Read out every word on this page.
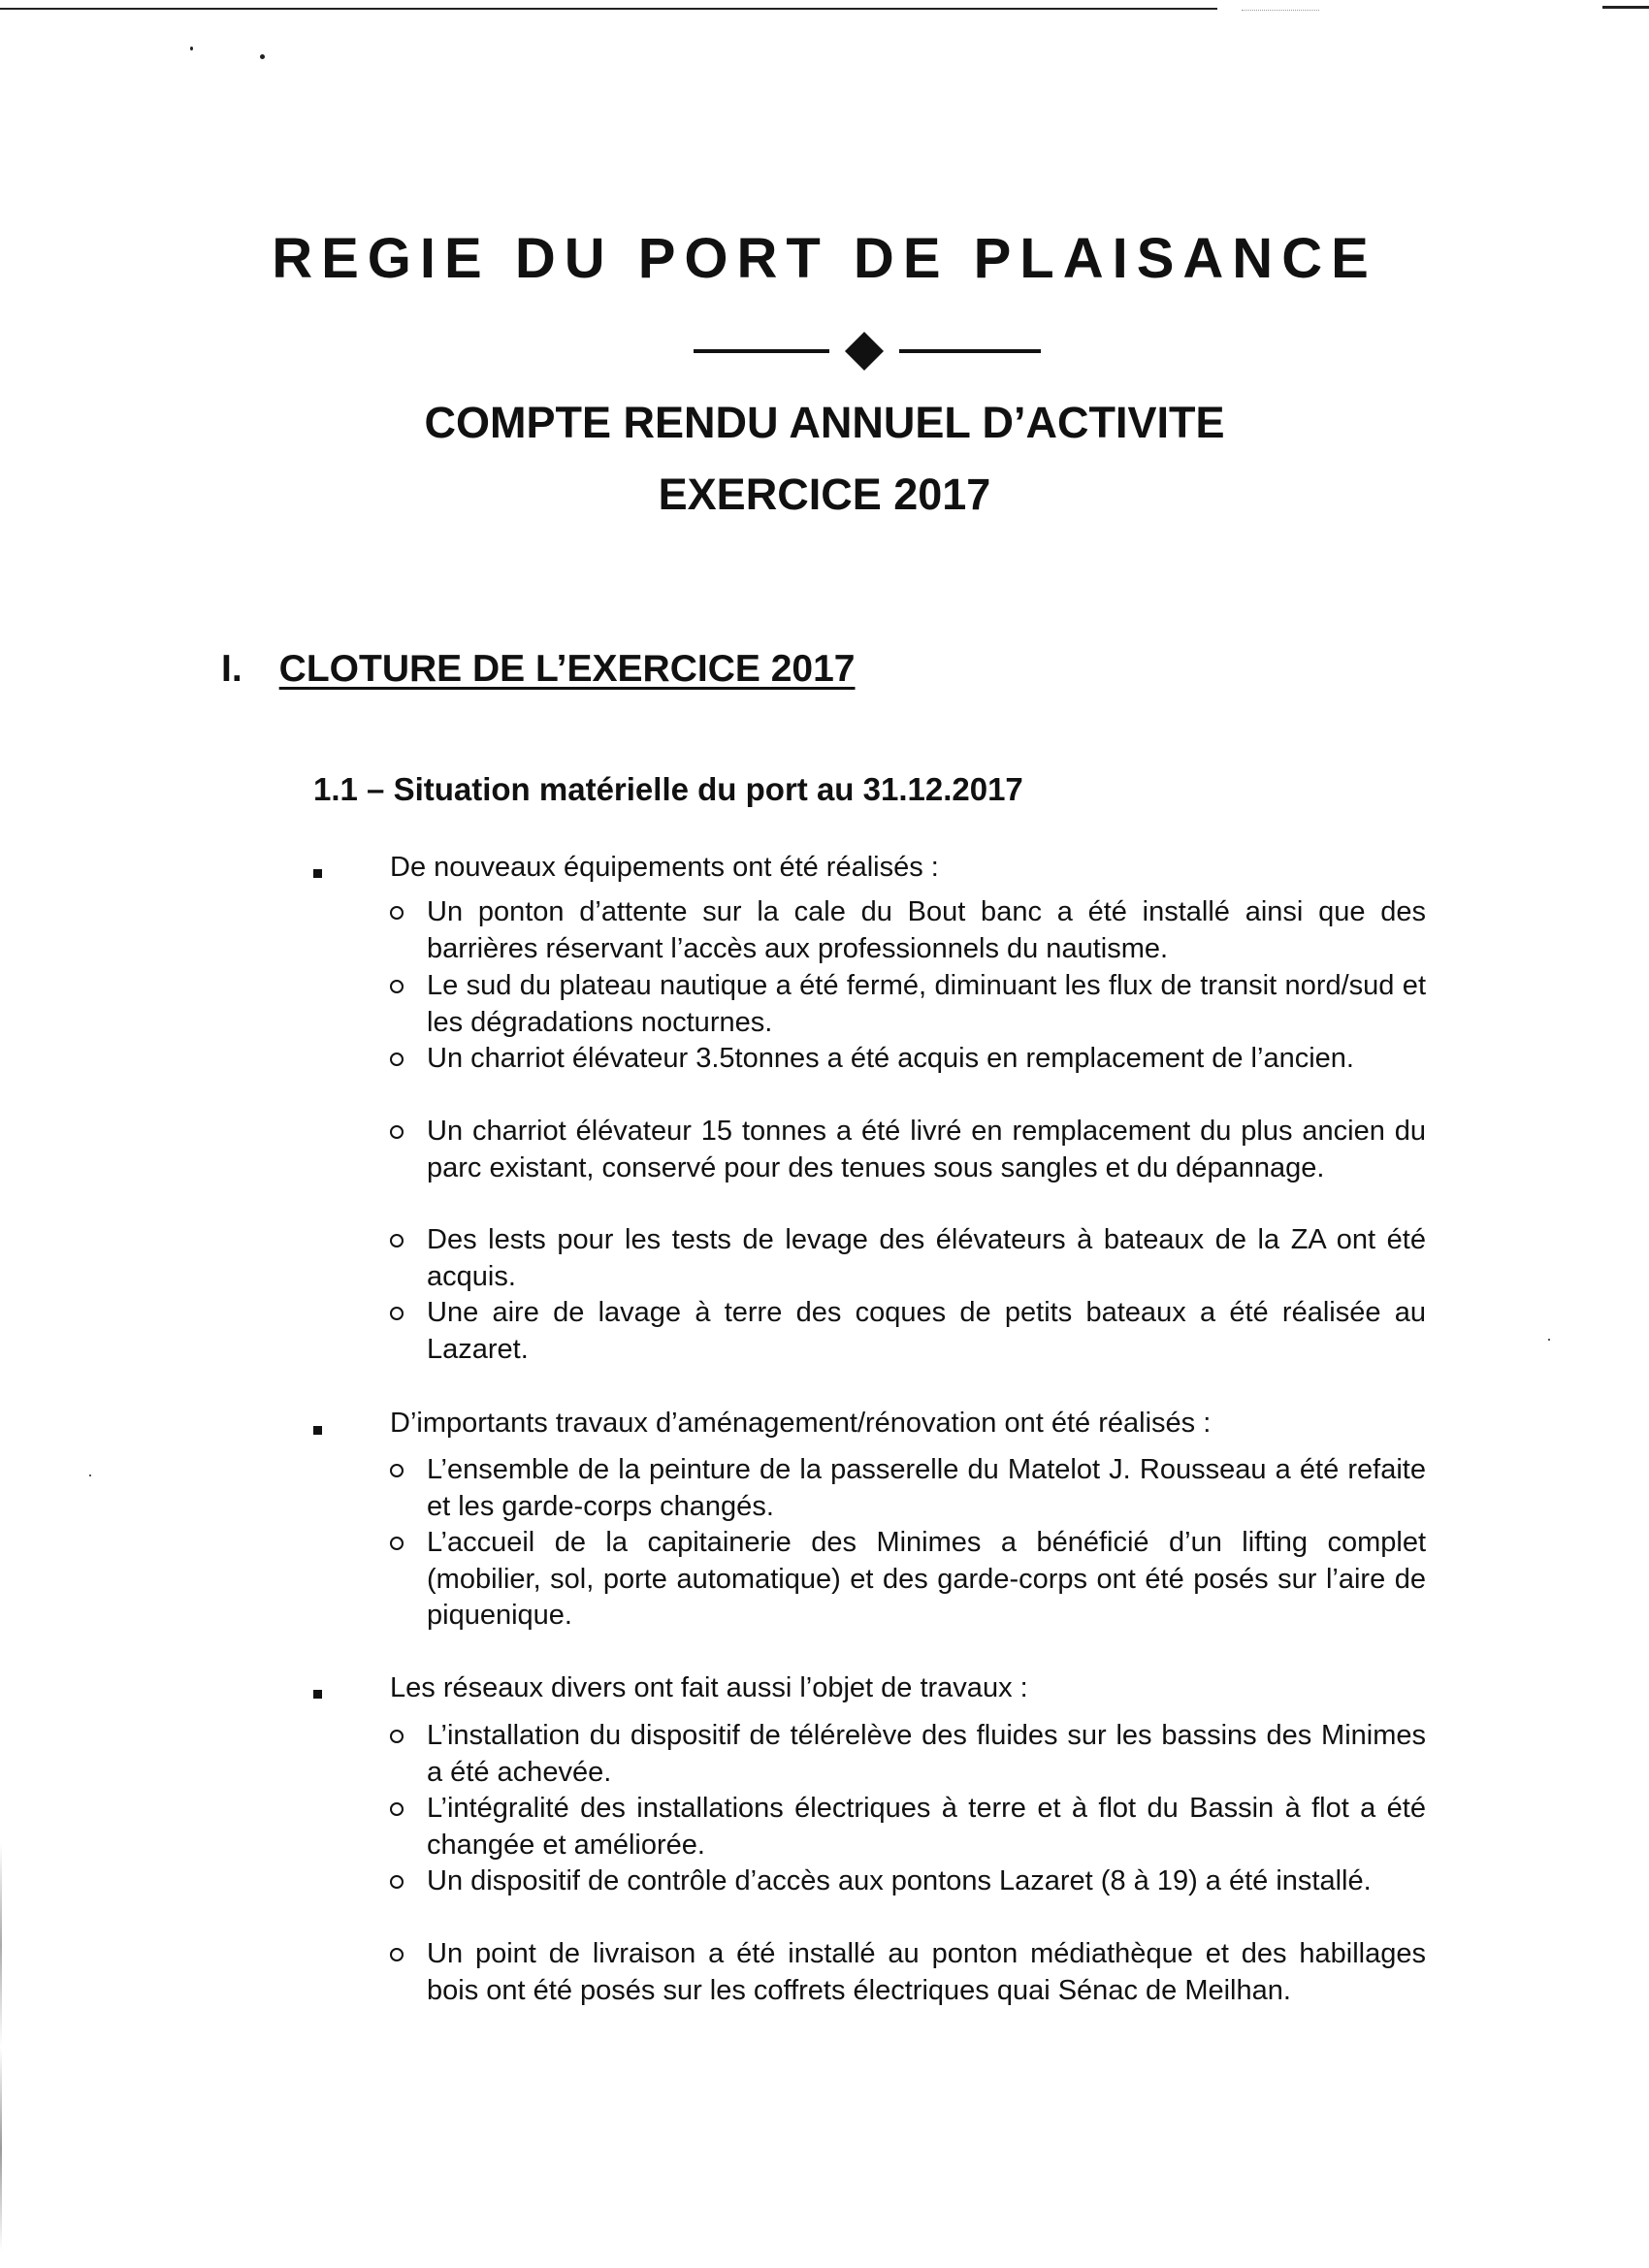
REGIE DU PORT DE PLAISANCE
COMPTE RENDU ANNUEL D’ACTIVITE
EXERCICE 2017
I. CLOTURE DE L’EXERCICE 2017
1.1 – Situation matérielle du port au 31.12.2017
De nouveaux équipements ont été réalisés :
Un ponton d’attente sur la cale du Bout banc a été installé ainsi que des barrières réservant l’accès aux professionnels du nautisme.
Le sud du plateau nautique a été fermé, diminuant les flux de transit nord/sud et les dégradations nocturnes.
Un charriot élévateur 3.5tonnes a été acquis en remplacement de l’ancien.
Un charriot élévateur 15 tonnes a été livré en remplacement du plus ancien du parc existant, conservé pour des tenues sous sangles et du dépannage.
Des lests pour les tests de levage des élévateurs à bateaux de la ZA ont été acquis.
Une aire de lavage à terre des coques de petits bateaux a été réalisée au Lazaret.
D’importants travaux d’aménagement/rénovation ont été réalisés :
L’ensemble de la peinture de la passerelle du Matelot J. Rousseau a été refaite et les garde-corps changés.
L’accueil de la capitainerie des Minimes a bénéficié d’un lifting complet (mobilier, sol, porte automatique) et des garde-corps ont été posés sur l’aire de piquenique.
Les réseaux divers ont fait aussi l’objet de travaux :
L’installation du dispositif de télérelève des fluides sur les bassins des Minimes a été achevée.
L’intégralité des installations électriques à terre et à flot du Bassin à flot a été changée et améliorée.
Un dispositif de contrôle d’accès aux pontons Lazaret (8 à 19) a été installé.
Un point de livraison a été installé au ponton médiathèque et des habillages bois ont été posés sur les coffrets électriques quai Sénac de Meilhan.
